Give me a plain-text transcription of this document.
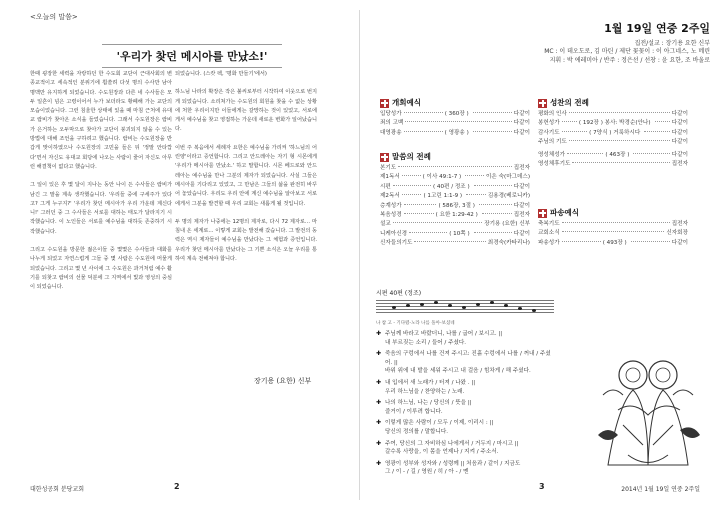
<오늘의 말씀>
'우리가 찾던 메시아를 만났소!'

한때 굉장한 세력을 자랑하던 한 수도회 교단이 근대사회의 변종교적이고 세속적인 분위기에 휩쓸려 다섯 명의 수사만 남아 명맥만 유지하게 되었습니다. 수도원장과 다른 네 수사들은 모두 일흔이 넘은 고령이어서 누가 보더라도 황폐해 가는 교단의 모습이었습니다. 그런 침울한 상태에 있을 때 마침 근처에 유대교 랍비가 찾아온 소식을 들었습니다. 그래서 수도원장은 랍비가 은거하는 오두막으로 찾아가 교단이 붕괴되지 않을 수 있는 방법에 대해 조언을 구하려고 했습니다. 랍비는 수도원장을 반갑게 맞이하였으나 수도원장의 고민을 들은 뒤 '정말 안타깝다'면서 자신도 유대교 회당에 나오는 사람이 줄어 자신도 아무런 해결책이 없다고 했습니다.

그 일이 있은 후 몇 달이 지나는 동안 나이 든 수사들은 랍비가 남긴 그 말을 계속 생각했습니다. '우리들 중에 구세주가 있다고? 그게 누구지?' '우리가 찾던 메시아가 우리 가운데 계신다니!' 그러던 중 그 수사들은 서로를 대하는 태도가 달라지기 시작했습니다. 이 노인들은 서로를 예수님을 대하듯 존중하기 시작했습니다.

그리고 수도원을 방문한 젊은이들 중 몇몇은 수사들과 대화를 나누게 되었고 자연스럽게 그들 중 몇 사람은 수도원에 머물게 되었습니다. 그리고 몇 년 사이에 그 수도원은 과거처럼 예수 활기를 되찾고 랍비의 선물 덕분에 그 지역에서 빛과 영성의 중심이 되었습니다.

되었습니다. (스캇 펙, '평화 만들기'에서)

하느님 나라의 확장은 작은 불씨로부터 시작하여 이웃으로 번지게 되었습니다. 소리쳐가는 수도원의 회원을 찾을 수 없는 상황에 처한 우리이지만 이들에게는 갈망하는 것이 있었고, 서로에게서 예수님을 찾고 영접하는 가운데 새로운 변화가 일어났습니다.

이번 주 복음에서 세례자 요한은 예수님을 가리켜 '하느님의 어린양'이라고 증언합니다. 그리고 안드레아는 자기 형 시몬에게 '우리가 메시아를 만났소.' 하고 말합니다. 시몬 베드로와 안드레아는 예수님을 만나 그분의 제자가 되었습니다. 사실 그들은 메시아를 기다리고 있었고, 그 만남은 그들의 삶을 완전히 바꾸어 놓았습니다. 우리도 우리 안에 계신 예수님을 알아보고 서로에게서 그분을 발견할 때 우리 교회는 새롭게 될 것입니다.

두 명의 제자가 나중에는 12명의 제자로, 다시 72 제자로… 마침내 온 세계로… 이렇게 교회는 발전해 갔습니다. 그 발전의 동력은 역시 제자들이 예수님을 만났다는 그 체험과 증언입니다. 우리가 찾던 메시아를 만났다는 그 기쁜 소식은 오늘 우리를 통하여 계속 전해져야 합니다.

장기용 (요한) 신부
대한성공회 분당교회	2
1월 19일 연중 2주일
집전/설교 : 장기용 요한 신부
MC : 이 데오도로, 김 마틴 / 제단 꽃꽂이 : 이 아그네스, 노 메린
지휘 : 박 에레미아 / 반주 : 정은선 / 선창 : 윤 요한, 조 바울로
개회예식
입당성가	( 360장 )	다같이
죄의 고백	다같이
대영광송	( 영광송 )	다같이
말씀의 전례
본기도	집전자
제1독서	( 이사 49:1-7 )	이은 숙(마그데스)
시편	( 40편 / 정조 )	다같이
제2독서	( 1고린 1:1-9 )	김용경(베로니카)
층계성가	( 586장, 3절 )	다같이
복음성경	( 요한 1:29-42 )	집전자
설교	장기용 (요한) 신부
니케아신경	( 10쪽 )	다같이
신자들의기도	최경숙(카타리나)
성찬의 전례
평화의 인사	다같이
봉헌성가	( 192장 ) 봉사: 박경순(안나)	다같이
감사기도	( 7양식 ) 거룩하시다	다같이
주님의 기도	다같이
영성체성가	( 463장 )	다같이
영성체후기도	집전자
파송예식
축복기도	집전자
교회소식	신자회장
파송성가	( 493장 )	다같이
시편 40편 (정조)
나 참 고 - 기다렸-노라 나를 돌아-보셨네
✚ 주님께 바라고 바랐더니, 나를 / 굽어 / 보시고. ||
내 부르짖는 소리 / 들어 / 주셨다.
✚ 죽음의 구렁에서 나를 건져 주시고: 진흙 수렁에서 나를 / 꺼내 / 주셨어. ||
바위 위에 내 발을 세워 주시고 내 걸음 / 힘차게 / 해 주셨다.
✚ 내 입에서 새 노래가 / 터져 / 나왔 . ||
우리 하느님을 / 찬양하는 / 노래.
✚ 나의 하느님, 나는 / 당신의 / 뜻을 ||
즐거이 / 이루려 합니다.
✚ 이렇게 많은 사람이 / 모두 / 이제, 이리시 : ||
당신의 정의를 / 말합니다.
✚ 주여, 당신의 그 자비하심 나에게서 / 거두지 / 마시고 ||
갈수록 사랑을, 이 몸을 언제나 / 지켜 / 주소서.
✚ 영광이 성부와 성자와 / 성령께 || 처음과 / 같이 / 지금도
그 / 이 - / 길 / 영원 / 히 / 아 - / 멘
3	2014년 1월 19일 연중 2주일
